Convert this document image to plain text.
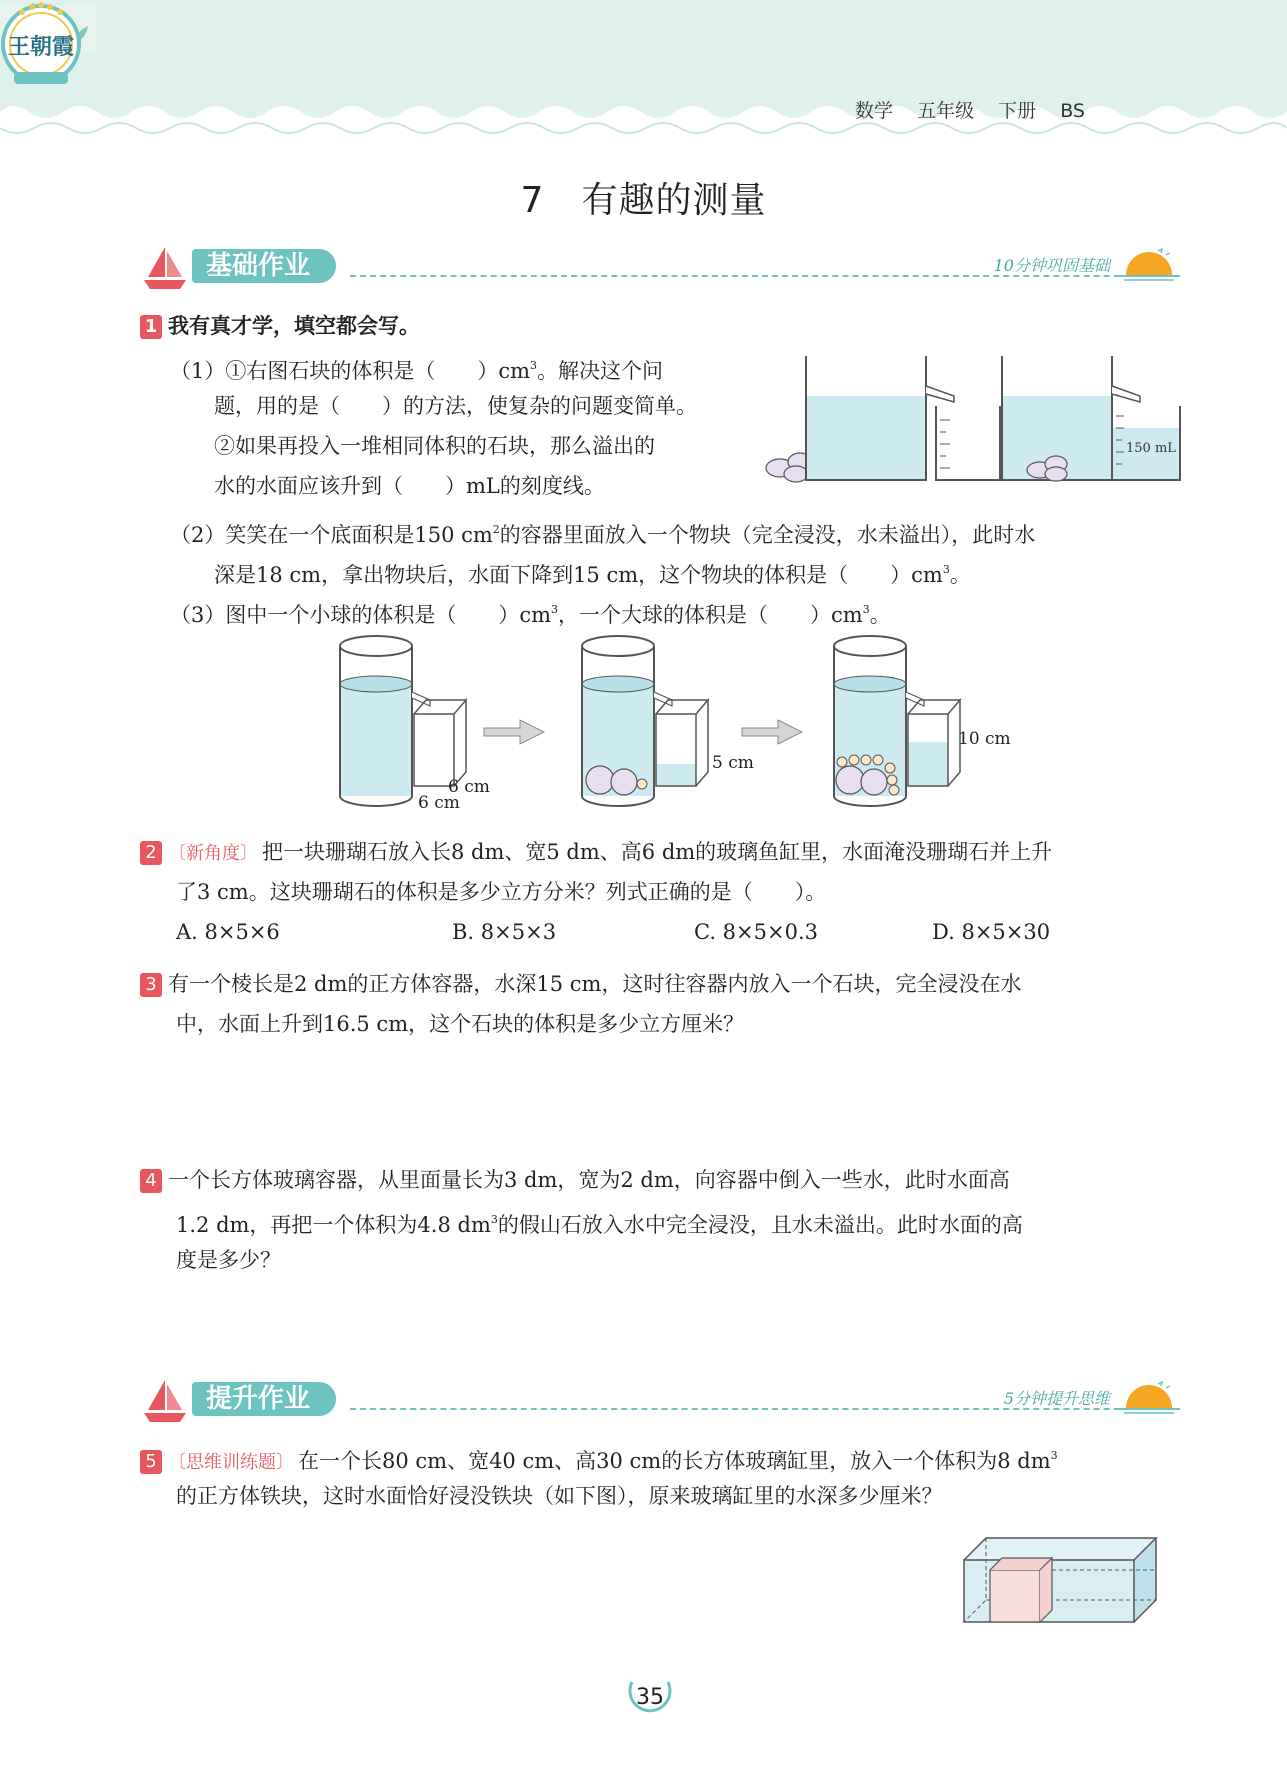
数学 五年级 下册 BS
王朝霞
7　有趣的测量
基础作业	10分钟巩固基础
1 我有真才学，填空都会写。
（1）①右图石块的体积是（　　）$cm^3$。解决这个问
题，用的是（　　）的方法，使复杂的问题变简单。
②如果再投入一堆相同体积的石块，那么溢出的
水的水面应该升到（　　）mL的刻度线。
150 mL
（2）笑笑在一个底面积是150 $cm^2$的容器里面放入一个物块（完全浸没，水未溢出），此时水
深是18 cm，拿出物块后，水面下降到15 cm，这个物块的体积是（　　）$cm^3$。
（3）图中一个小球的体积是（　　）$cm^3$，一个大球的体积是（　　）$cm^3$。
6 cm
6 cm
5 cm
10 cm
2 〔新角度〕 把一块珊瑚石放入长8 dm、宽5 dm、高6 dm的玻璃鱼缸里，水面淹没珊瑚石并上升
了3 cm。这块珊瑚石的体积是多少立方分米？列式正确的是（　　）。
A. 8×5×6	B. 8×5×3	C. 8×5×0.3	D. 8×5×30
3 有一个棱长是2 dm的正方体容器，水深15 cm，这时往容器内放入一个石块，完全浸没在水
中，水面上升到16.5 cm，这个石块的体积是多少立方厘米？
4 一个长方体玻璃容器，从里面量长为3 dm，宽为2 dm，向容器中倒入一些水，此时水面高
1.2 dm，再把一个体积为4.8 $dm^3$的假山石放入水中完全浸没，且水未溢出。此时水面的高
度是多少？
提升作业	5分钟提升思维
5 〔思维训练题〕 在一个长80 cm、宽40 cm、高30 cm的长方体玻璃缸里，放入一个体积为8 $dm^3$
的正方体铁块，这时水面恰好浸没铁块（如下图），原来玻璃缸里的水深多少厘米？
35
